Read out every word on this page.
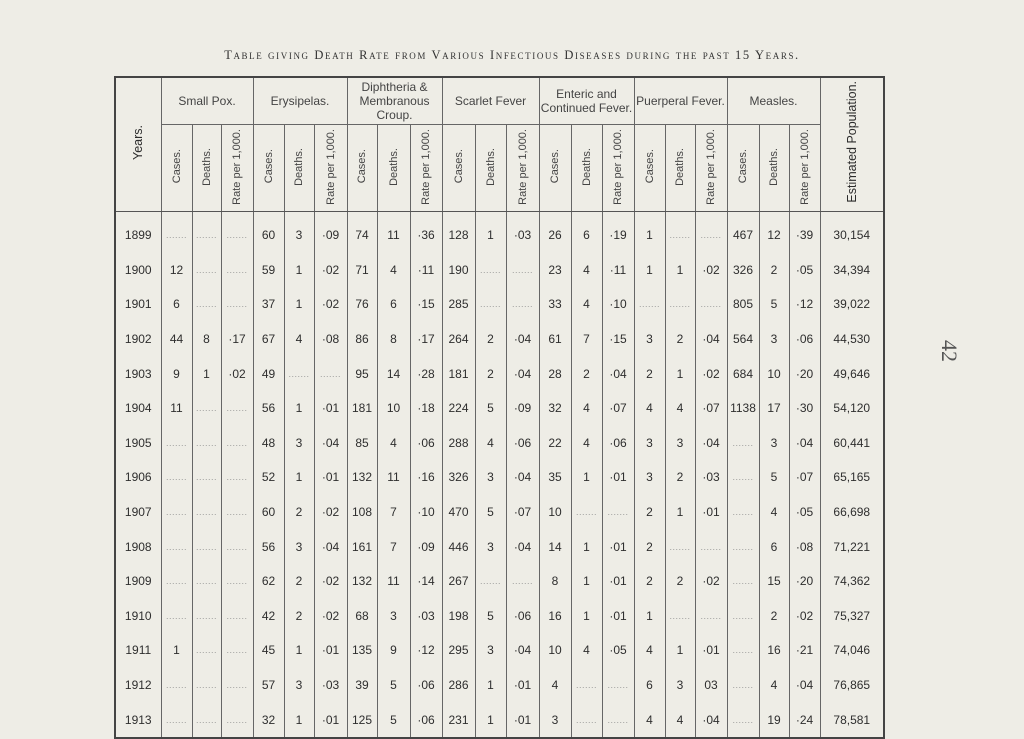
Table giving Death Rate from Various Infectious Diseases during the past 15 Years.
42
Years.	Small Pox.			Erysipelas.			Diphtheria & Membranous Croup.			Scarlet Fever			Enteric and Continued Fever.			Puerperal Fever.			Measles.			Estimated Population.
	Cases.	Deaths.	Rate per 1,000.	Cases.	Deaths.	Rate per 1,000.	Cases.	Deaths.	Rate per 1,000.	Cases.	Deaths.	Rate per 1,000.	Cases.	Deaths.	Rate per 1,000.	Cases.	Deaths.	Rate per 1,000.	Cases.	Deaths.	Rate per 1,000.	
1899	.......	.......	.......	60	3	·09	74	11	·36	128	1	·03	26	6	·19	1	.......	.......	467	12	·39	30,154
1900	12	.......	.......	59	1	·02	71	4	·11	190	.......	.......	23	4	·11	1	1	·02	326	2	·05	34,394
1901	6	.......	.......	37	1	·02	76	6	·15	285	.......	.......	33	4	·10	.......	.......	.......	805	5	·12	39,022
1902	44	8	·17	67	4	·08	86	8	·17	264	2	·04	61	7	·15	3	2	·04	564	3	·06	44,530
1903	9	1	·02	49	.......	.......	95	14	·28	181	2	·04	28	2	·04	2	1	·02	684	10	·20	49,646
1904	11	.......	.......	56	1	·01	181	10	·18	224	5	·09	32	4	·07	4	4	·07	1138	17	·30	54,120
1905	.......	.......	.......	48	3	·04	85	4	·06	288	4	·06	22	4	·06	3	3	·04	.......	3	·04	60,441
1906	.......	.......	.......	52	1	·01	132	11	·16	326	3	·04	35	1	·01	3	2	·03	.......	5	·07	65,165
1907	.......	.......	.......	60	2	·02	108	7	·10	470	5	·07	10	.......	.......	2	1	·01	.......	4	·05	66,698
1908	.......	.......	.......	56	3	·04	161	7	·09	446	3	·04	14	1	·01	2	.......	.......	.......	6	·08	71,221
1909	.......	.......	.......	62	2	·02	132	11	·14	267	.......	.......	8	1	·01	2	2	·02	.......	15	·20	74,362
1910	.......	.......	.......	42	2	·02	68	3	·03	198	5	·06	16	1	·01	1	.......	.......	.......	2	·02	75,327
1911	1	.......	.......	45	1	·01	135	9	·12	295	3	·04	10	4	·05	4	1	·01	.......	16	·21	74,046
1912	.......	.......	.......	57	3	·03	39	5	·06	286	1	·01	4	.......	.......	6	3	03	.......	4	·04	76,865
1913	.......	.......	.......	32	1	·01	125	5	·06	231	1	·01	3	.......	.......	4	4	·04	.......	19	·24	78,581
